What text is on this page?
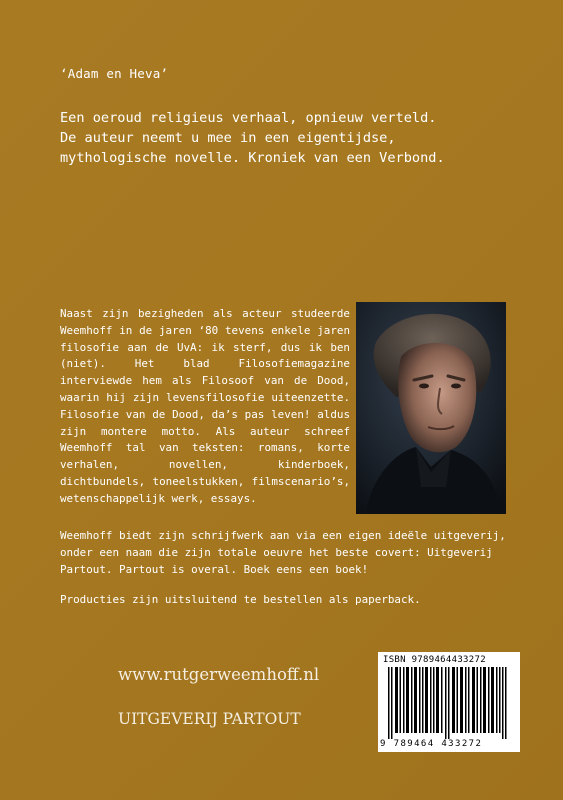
‘Adam en Heva’
Een oeroud religieus verhaal, opnieuw verteld.
De auteur neemt u mee in een eigentijdse,
mythologische novelle. Kroniek van een Verbond.
Naast zijn bezigheden als acteur studeerde Weemhoff in de jaren ‘80 tevens enkele jaren filosofie aan de UvA: ik sterf, dus ik ben (niet). Het blad Filosofiemagazine interviewde hem als Filosoof van de Dood, waarin hij zijn levensfilosofie uiteenzette. Filosofie van de Dood, da’s pas leven! aldus zijn montere motto. Als auteur schreef Weemhoff tal van teksten: romans, korte verhalen, novellen, kinderboek, dichtbundels, toneelstukken, filmscenario’s, wetenschappelijk werk, essays.
Weemhoff biedt zijn schrijfwerk aan via een eigen ideële uitgeverij, onder een naam die zijn totale oeuvre het beste covert: Uitgeverij Partout. Partout is overal. Boek eens een boek!
Producties zijn uitsluitend te bestellen als paperback.
www.rutgerweemhoff.nl
UITGEVERIJ PARTOUT
ISBN 9789464433272
9 789464 433272
